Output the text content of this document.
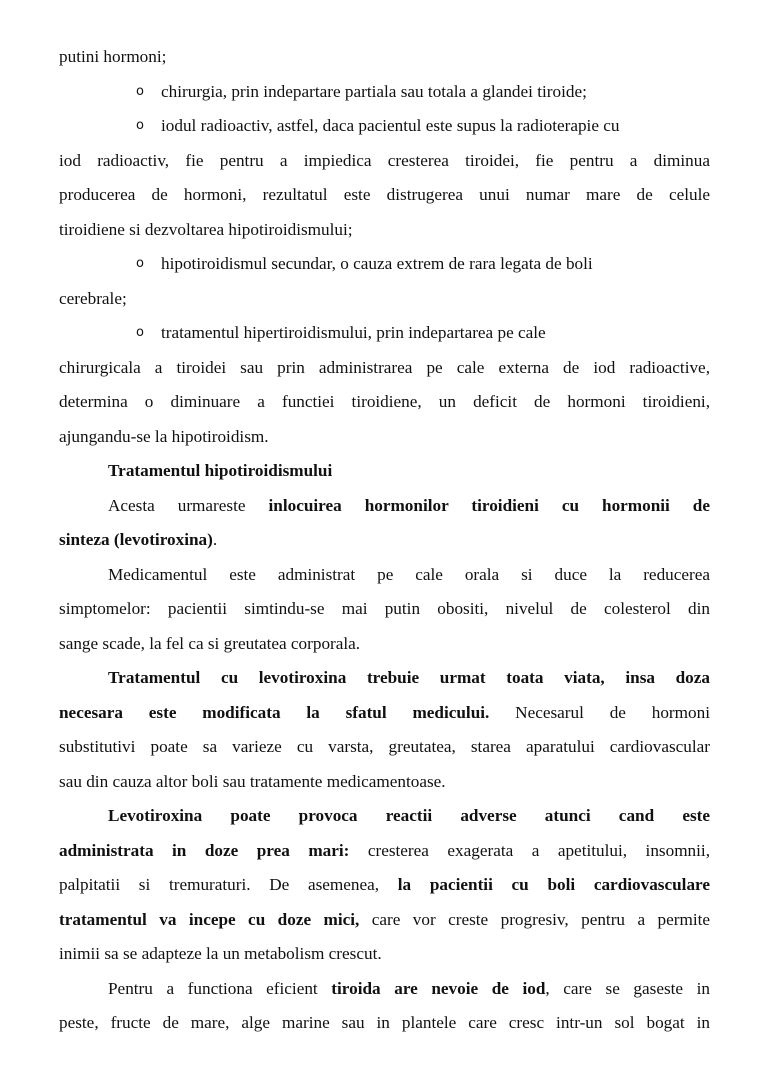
putini hormoni;
o chirurgia, prin indepartare partiala sau totala a glandei tiroide;
o iodul radioactiv, astfel, daca pacientul este supus la radioterapie cu
iod radioactiv, fie pentru a impiedica cresterea tiroidei, fie pentru a diminua
producerea de hormoni, rezultatul este distrugerea unui numar mare de celule
tiroidiene si dezvoltarea hipotiroidismului;
o hipotiroidismul secundar, o cauza extrem de rara legata de boli
cerebrale;
o tratamentul hipertiroidismului, prin indepartarea pe cale
chirurgicala a tiroidei sau prin administrarea pe cale externa de iod radioactive,
determina o diminuare a functiei tiroidiene, un deficit de hormoni tiroidieni,
ajungandu-se la hipotiroidism.
Tratamentul hipotiroidismului
Acesta urmareste inlocuirea hormonilor tiroidieni cu hormonii de
sinteza (levotiroxina).
Medicamentul este administrat pe cale orala si duce la reducerea
simptomelor: pacientii simtindu-se mai putin obositi, nivelul de colesterol din
sange scade, la fel ca si greutatea corporala.
Tratamentul cu levotiroxina trebuie urmat toata viata, insa doza
necesara este modificata la sfatul medicului. Necesarul de hormoni
substitutivi poate sa varieze cu varsta, greutatea, starea aparatului cardiovascular
sau din cauza altor boli sau tratamente medicamentoase.
Levotiroxina poate provoca reactii adverse atunci cand este
administrata in doze prea mari: cresterea exagerata a apetitului, insomnii,
palpitatii si tremuraturi. De asemenea, la pacientii cu boli cardiovasculare
tratamentul va incepe cu doze mici, care vor creste progresiv, pentru a permite
inimii sa se adapteze la un metabolism crescut.
Pentru a functiona eficient tiroida are nevoie de iod, care se gaseste in
peste, fructe de mare, alge marine sau in plantele care cresc intr-un sol bogat in
